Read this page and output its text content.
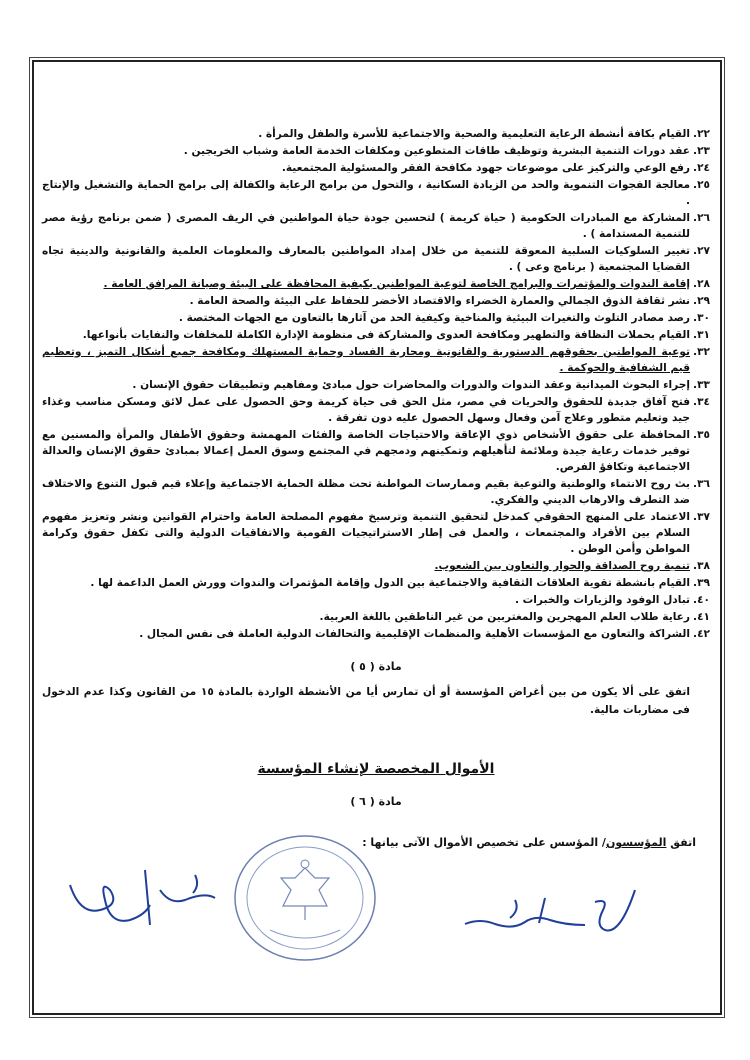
٢٢.
القيام بكافة أنشطة الرعاية التعليمية والصحية والاجتماعية للأسرة والطفل والمرأة .
٢٣.
عقد دورات التنمية البشرية وتوظيف طاقات المتطوعين ومكلفات الخدمة العامة وشباب الخريجين .
٢٤.
رفع الوعي والتركيز على موضوعات جهود مكافحة الفقر والمسئولية المجتمعية.
٢٥.
معالجة الفجوات التنموية والحد من الزيادة السكانية ، والتحول من برامج الرعاية والكفالة إلى برامج الحماية والتشغيل والإنتاج .
٢٦.
المشاركة مع المبادرات الحكومية ( حياة كريمة ) لتحسين جودة حياة المواطنين في الريف المصرى ( ضمن برنامج رؤية مصر للتنمية المستدامة ) .
٢٧.
تغيير السلوكيات السلبية المعوقة للتنمية من خلال إمداد المواطنين بالمعارف والمعلومات العلمية والقانونية والدينية تجاه القضايا المجتمعية ( برنامج وعى ) .
٢٨.
إقامة الندوات والمؤتمرات والبرامج الخاصة لتوعية المواطنين بكيفية المحافظة على البيئة وصيانة المرافق العامة .
٢٩.
نشر ثقافة الذوق الجمالي والعمارة الخضراء والاقتصاد الأخضر للحفاظ على البيئة والصحة العامة .
٣٠.
رصد مصادر التلوث والتغيرات البيئية والمناخية وكيفية الحد من آثارها بالتعاون مع الجهات المختصة .
٣١.
القيام بحملات النظافة والتطهير ومكافحة العدوى والمشاركة فى منظومة الإدارة الكاملة للمخلفات والنفايات بأنواعها.
٣٢.
توعية المواطنين بحقوقهم الدستورية والقانونية ومحاربة الفساد وحماية المستهلك ومكافحة جميع أشكال التميز ، وتعظيم قيم الشفافية والحوكمة .
٣٣.
إجراء البحوث الميدانية وعقد الندوات والدورات والمحاضرات حول مبادئ ومفاهيم وتطبيقات حقوق الإنسان .
٣٤.
فتح آفاق جديدة للحقوق والحريات في مصر، مثل الحق فى حياة كريمة وحق الحصول على عمل لائق ومسكن مناسب وغذاء جيد وتعليم متطور وعلاج آمن وفعال وسهل الحصول عليه دون تفرقة .
٣٥.
المحافظة على حقوق الأشخاص ذوي الإعاقة والاحتياجات الخاصة والفئات المهمشة وحقوق الأطفال والمرأة والمسنين مع توفير خدمات رعاية جيدة وملائمة لتأهيلهم وتمكينهم ودمجهم في المجتمع وسوق العمل إعمالا بمبادئ حقوق الإنسان والعدالة الاجتماعية وتكافؤ الفرص.
٣٦.
بث روح الانتماء والوطنية والتوعية بقيم وممارسات المواطنة تحت مظلة الحماية الاجتماعية وإعلاء قيم قبول التنوع والاختلاف ضد التطرف والارهاب الديني والفكري.
٣٧.
الاعتماد على المنهج الحقوقي كمدخل لتحقيق التنمية وترسيخ مفهوم المصلحة العامة واحترام القوانين ونشر وتعزيز مفهوم السلام بين الأفراد والمجتمعات ، والعمل فى إطار الاستراتيجيات القومية والاتفاقيات الدولية والتى تكفل حقوق وكرامة المواطن وأمن الوطن .
٣٨.
تنمية روح الصداقة والحوار والتعاون بين الشعوب.
٣٩.
القيام بانشطة تقوية العلاقات الثقافية والاجتماعية بين الدول وإقامة المؤتمرات والندوات وورش العمل الداعمة لها .
٤٠.
تبادل الوفود والزيارات والخبرات .
٤١.
رعاية طلاب العلم المهجرين والمغتربين من غير الناطقين باللغة العربية.
٤٢.
الشراكة والتعاون مع المؤسسات الأهلية والمنظمات الإقليمية والتحالفات الدولية العاملة فى نفس المجال .
مادة ( ٥ )
اتفق على ألا يكون من بين أغراض المؤسسة أو أن تمارس أيا من الأنشطة الواردة بالمادة ١٥ من القانون وكذا عدم الدخول فى مضاربات مالية.
الأموال المخصصة لإنشاء المؤسسة
مادة ( ٦ )
اتفق المؤسسون/ المؤسس على تخصيص الأموال الآتى بيانها :
